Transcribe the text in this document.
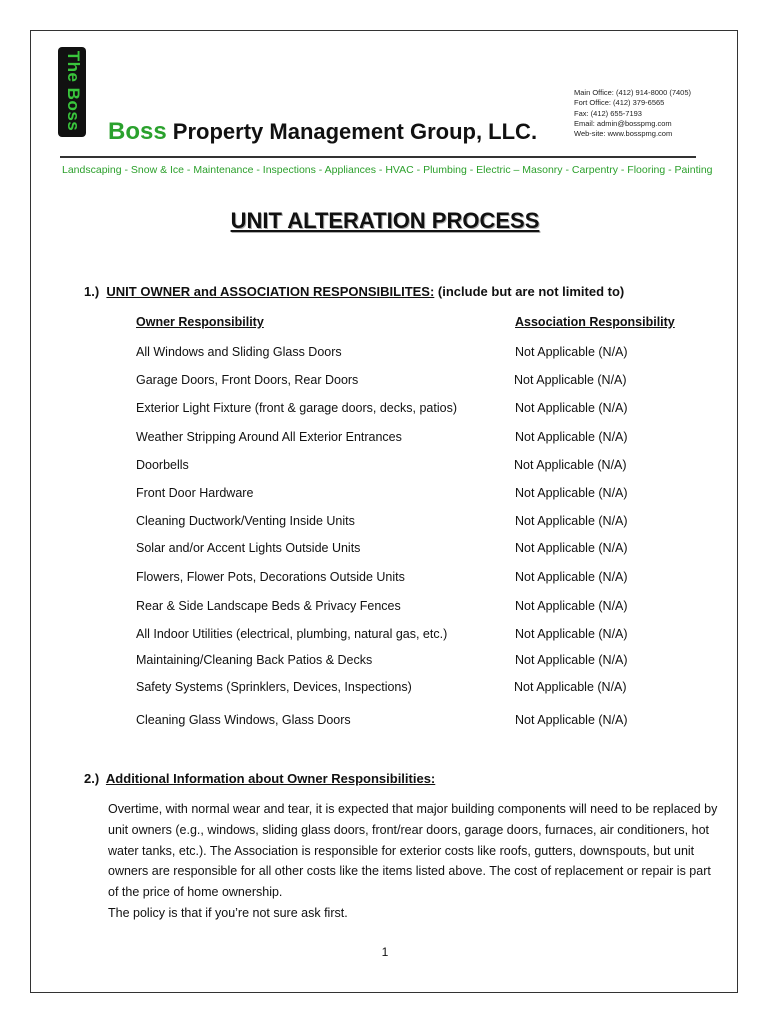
The Boss
Boss Property Management Group, LLC.
Main Office: (412) 914-8000 (7405)
Fort Office: (412) 379-6565
Fax: (412) 655-7193
Email: admin@bosspmg.com
Web-site: www.bosspmg.com
Landscaping - Snow & Ice - Maintenance - Inspections - Appliances - HVAC - Plumbing - Electric – Masonry - Carpentry - Flooring - Painting
UNIT ALTERATION PROCESS
1.) UNIT OWNER and ASSOCIATION RESPONSIBILITES: (include but are not limited to)
Owner Responsibility	Association Responsibility
All Windows and Sliding Glass Doors	Not Applicable (N/A)
Garage Doors, Front Doors, Rear Doors	Not Applicable (N/A)
Exterior Light Fixture (front & garage doors, decks, patios)	Not Applicable (N/A)
Weather Stripping Around All Exterior Entrances	Not Applicable (N/A)
Doorbells	Not Applicable (N/A)
Front Door Hardware	Not Applicable (N/A)
Cleaning Ductwork/Venting Inside Units	Not Applicable (N/A)
Solar and/or Accent Lights Outside Units	Not Applicable (N/A)
Flowers, Flower Pots, Decorations Outside Units	Not Applicable (N/A)
Rear & Side Landscape Beds & Privacy Fences	Not Applicable (N/A)
All Indoor Utilities (electrical, plumbing, natural gas, etc.)	Not Applicable (N/A)
Maintaining/Cleaning Back Patios & Decks	Not Applicable (N/A)
Safety Systems (Sprinklers, Devices, Inspections)	Not Applicable (N/A)
Cleaning Glass Windows, Glass Doors	Not Applicable (N/A)
2.) Additional Information about Owner Responsibilities:

Overtime, with normal wear and tear, it is expected that major building components will need to be replaced by unit owners (e.g., windows, sliding glass doors, front/rear doors, garage doors, furnaces, air conditioners, hot water tanks, etc.). The Association is responsible for exterior costs like roofs, gutters, downspouts, but unit owners are responsible for all other costs like the items listed above. The cost of replacement or repair is part of the price of home ownership.

The policy is that if you’re not sure ask first.

1
